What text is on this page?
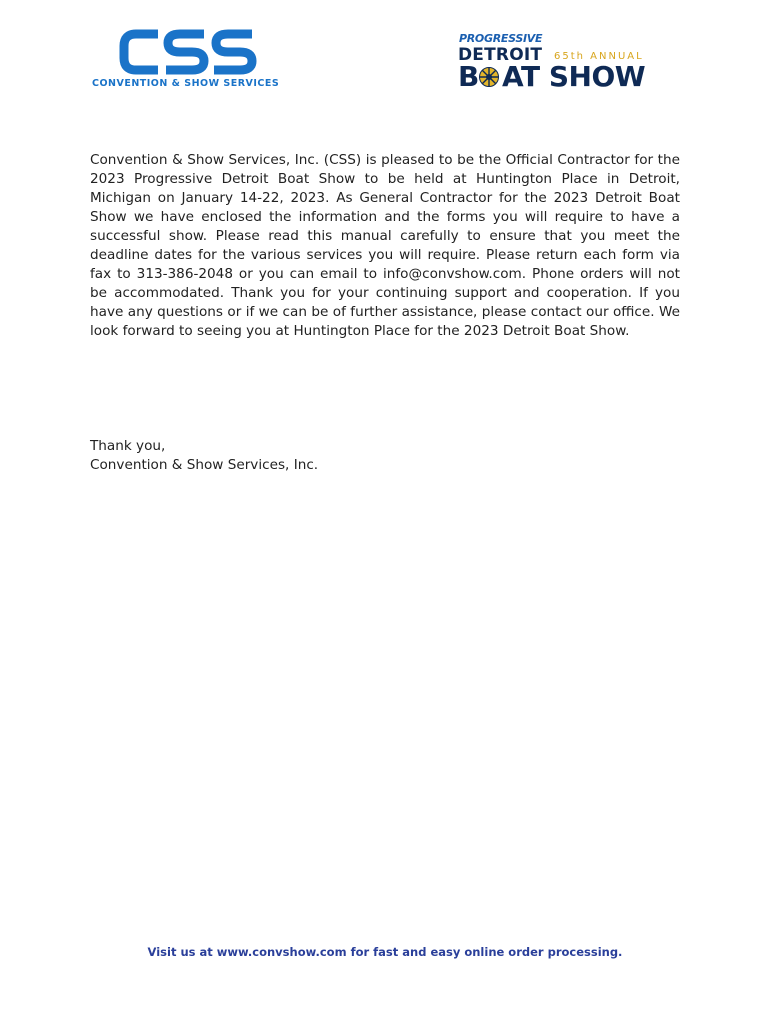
CONVENTION & SHOW SERVICES
PROGRESSIVE
DETROIT 65th ANNUAL
B AT SHOW

Convention & Show Services, Inc. (CSS) is pleased to be the Official Contractor for the 2023 Progressive Detroit Boat Show to be held at Huntington Place in Detroit, Michigan on January 14-22, 2023. As General Contractor for the 2023 Detroit Boat Show we have enclosed the information and the forms you will require to have a successful show. Please read this manual carefully to ensure that you meet the deadline dates for the various services you will require. Please return each form via fax to 313-386-2048 or you can email to info@convshow.com. Phone orders will not be accommodated. Thank you for your continuing support and cooperation. If you have any questions or if we can be of further assistance, please contact our office. We look forward to seeing you at Huntington Place for the 2023 Detroit Boat Show.

Thank you,
Convention & Show Services, Inc.
Visit us at www.convshow.com for fast and easy online order processing.
